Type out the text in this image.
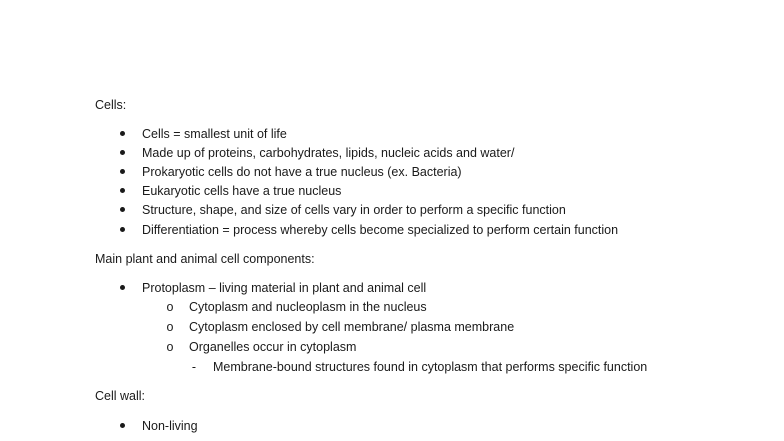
Cells:
Cells = smallest unit of life
Made up of proteins, carbohydrates, lipids, nucleic acids and water/
Prokaryotic cells do not have a true nucleus (ex. Bacteria)
Eukaryotic cells have a true nucleus
Structure, shape, and size of cells vary in order to perform a specific function
Differentiation = process whereby cells become specialized to perform certain function
Main plant and animal cell components:
Protoplasm – living material in plant and animal cell
o Cytoplasm and nucleoplasm in the nucleus
o Cytoplasm enclosed by cell membrane/ plasma membrane
o Organelles occur in cytoplasm
-	Membrane-bound structures found in cytoplasm that performs specific function
Cell wall:
Non-living
